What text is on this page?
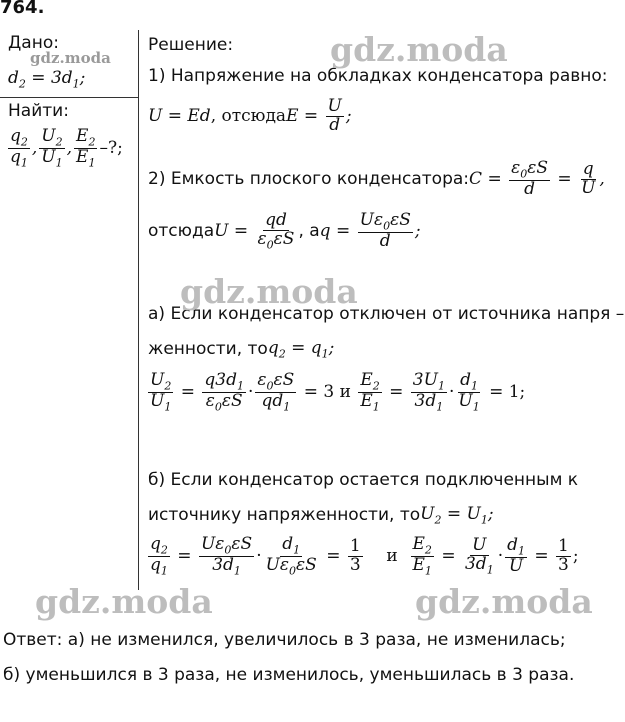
764.
Дано:
gdz.moda
$d_2 = 3d_1$;
Найти:
$\frac{q_2}{q_1}$ , $\frac{U_2}{U_1}$ , $\frac{E_2}{E_1}$ –?;
Решение:
1) Напряжение на обкладках конденсатора равно:
U = Ed , отсюда $E = \frac{U}{d}$ ;
2) Емкость плоского конденсатора: $C = \frac{\varepsilon_0\varepsilon S}{d} = \frac{q}{U}$ ,
отсюда $U = \frac{qd}{\varepsilon_0\varepsilon S}$ , а $q = \frac{U\varepsilon_0\varepsilon S}{d}$ ;
а) Если конденсатор отключен от источника напря –
женности, то $q_2 = q_1$;
$\frac{U_2}{U_1} = \frac{q3d_1}{\varepsilon_0\varepsilon S} \cdot \frac{\varepsilon_0\varepsilon S}{qd_1}$
= 3 и
$\frac{E_2}{E_1} = \frac{3U_1}{3d_1} \cdot \frac{d_1}{U_1}$
= 1;
б) Если конденсатор остается подключенным к
источнику напряженности, то $U_2 = U_1$;
$\frac{q_2}{q_1} = \frac{U\varepsilon_0\varepsilon S}{3d_1} \cdot \frac{d_1}{U\varepsilon_0\varepsilon S} = \frac{1}{3}$
и
$\frac{E_2}{E_1} = \frac{U}{3d_1} \cdot \frac{d_1}{U} = \frac{1}{3}$ ;
Ответ: а) не изменился, увеличилось в 3 раза, не изменилась;
б) уменьшился в 3 раза, не изменилось, уменьшилась в 3 раза.
gdz.moda
gdz.moda
gdz.moda	gdz.moda
